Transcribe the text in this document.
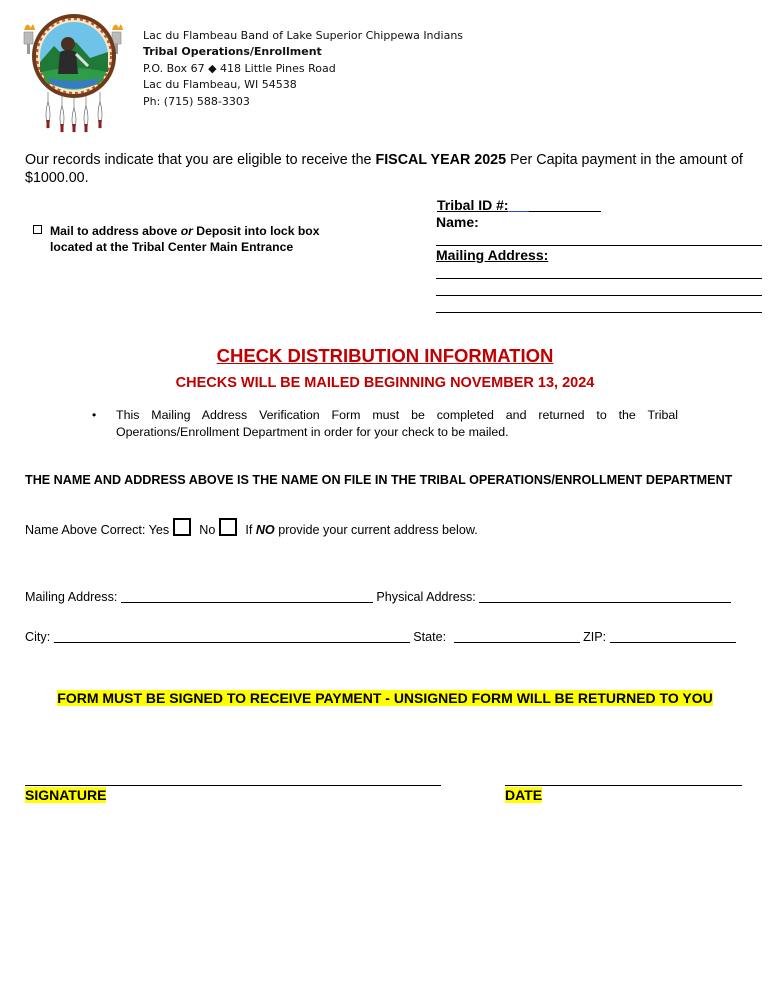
Lac du Flambeau Band of Lake Superior Chippewa Indians
Tribal Operations/Enrollment
P.O. Box 67 ◆ 418 Little Pines Road
Lac du Flambeau, WI 54538
Ph: (715) 588-3303
Our records indicate that you are eligible to receive the FISCAL YEAR 2025 Per Capita payment in the amount of $1000.00.
Mail to address above or Deposit into lock box
located at the Tribal Center Main Entrance
Tribal ID #:
Name:
Mailing Address:
CHECK DISTRIBUTION INFORMATION
CHECKS WILL BE MAILED BEGINNING NOVEMBER 13, 2024
• This Mailing Address Verification Form must be completed and returned to the Tribal
Operations/Enrollment Department in order for your check to be mailed.
THE NAME AND ADDRESS ABOVE IS THE NAME ON FILE IN THE TRIBAL OPERATIONS/ENROLLMENT DEPARTMENT
Name Above Correct: Yes No If NO provide your current address below.
Mailing Address:	Physical Address:
City:	State:	ZIP:
FORM MUST BE SIGNED TO RECEIVE PAYMENT - UNSIGNED FORM WILL BE RETURNED TO YOU
SIGNATURE	DATE
